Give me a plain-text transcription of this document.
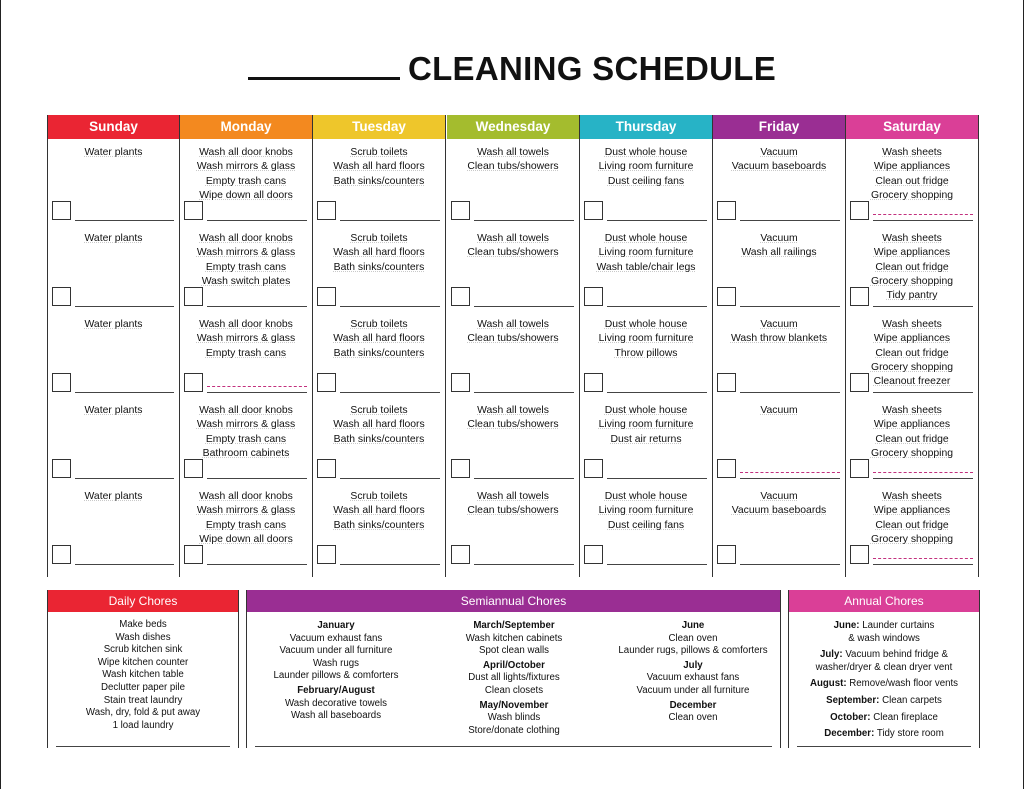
CLEANING SCHEDULE
Sunday
Water plants
Water plants
Water plants
Water plants
Water plants
Monday
Wash all door knobs
Wash mirrors & glass
Empty trash cans
Wipe down all doors
Wash all door knobs
Wash mirrors & glass
Empty trash cans
Wash switch plates
Wash all door knobs
Wash mirrors & glass
Empty trash cans
Wash all door knobs
Wash mirrors & glass
Empty trash cans
Bathroom cabinets
Wash all door knobs
Wash mirrors & glass
Empty trash cans
Wipe down all doors
Tuesday
Scrub toilets
Wash all hard floors
Bath sinks/counters
Scrub toilets
Wash all hard floors
Bath sinks/counters
Scrub toilets
Wash all hard floors
Bath sinks/counters
Scrub toilets
Wash all hard floors
Bath sinks/counters
Scrub toilets
Wash all hard floors
Bath sinks/counters
Wednesday
Wash all towels
Clean tubs/showers
Wash all towels
Clean tubs/showers
Wash all towels
Clean tubs/showers
Wash all towels
Clean tubs/showers
Wash all towels
Clean tubs/showers
Thursday
Dust whole house
Living room furniture
Dust ceiling fans
Dust whole house
Living room furniture
Wash table/chair legs
Dust whole house
Living room furniture
Throw pillows
Dust whole house
Living room furniture
Dust air returns
Dust whole house
Living room furniture
Dust ceiling fans
Friday
Vacuum
Vacuum baseboards
Vacuum
Wash all railings
Vacuum
Wash throw blankets
Vacuum
Vacuum
Vacuum baseboards
Saturday
Wash sheets
Wipe appliances
Clean out fridge
Grocery shopping
Wash sheets
Wipe appliances
Clean out fridge
Grocery shopping
Tidy pantry
Wash sheets
Wipe appliances
Clean out fridge
Grocery shopping
Cleanout freezer
Wash sheets
Wipe appliances
Clean out fridge
Grocery shopping
Wash sheets
Wipe appliances
Clean out fridge
Grocery shopping
Daily Chores
Make beds
Wash dishes
Scrub kitchen sink
Wipe kitchen counter
Wash kitchen table
Declutter paper pile
Stain treat laundry
Wash, dry, fold & put away
1 load laundry
Semiannual Chores
January
Vacuum exhaust fans
Vacuum under all furniture
Wash rugs
Launder pillows & comforters
February/August
Wash decorative towels
Wash all baseboards
March/September
Wash kitchen cabinets
Spot clean walls
April/October
Dust all lights/fixtures
Clean closets
May/November
Wash blinds
Store/donate clothing
June
Clean oven
Launder rugs, pillows & comforters
July
Vacuum exhaust fans
Vacuum under all furniture
December
Clean oven
Annual Chores
June: Launder curtains
& wash windows
July: Vacuum behind fridge &
washer/dryer & clean dryer vent
August: Remove/wash floor vents
September: Clean carpets
October: Clean fireplace
December: Tidy store room
